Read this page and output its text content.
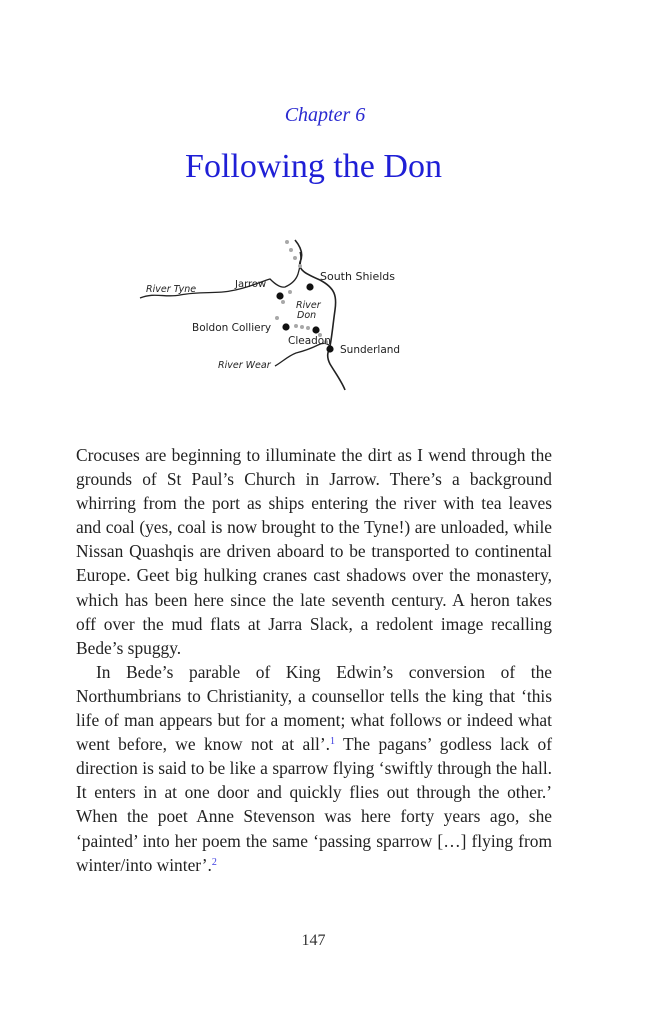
Chapter 6
Following the Don
South Shields
River Tyne	Jarrow
River
Don
Boldon Colliery
Cleadon
Sunderland
River Wear

Crocuses are beginning to illuminate the dirt as I wend through the grounds of St Paul’s Church in Jarrow. There’s a background whirring from the port as ships entering the river with tea leaves and coal (yes, coal is now brought to the Tyne!) are unloaded, while Nissan Quashqis are driven aboard to be transported to continental Europe. Geet big hulking cranes cast shadows over the monastery, which has been here since the late seventh century. A heron takes off over the mud flats at Jarra Slack, a redolent image recalling Bede’s spuggy.

In Bede’s parable of King Edwin’s conversion of the Northumbrians to Christianity, a counsellor tells the king that ‘this life of man appears but for a moment; what follows or indeed what went before, we know not at all’.$^1$ The pagans’ godless lack of direction is said to be like a sparrow flying ‘swiftly through the hall. It enters in at one door and quickly flies out through the other.’ When the poet Anne Stevenson was here forty years ago, she ‘painted’ into her poem the same ‘passing sparrow […] flying from winter/into winter’.$^2$

147
